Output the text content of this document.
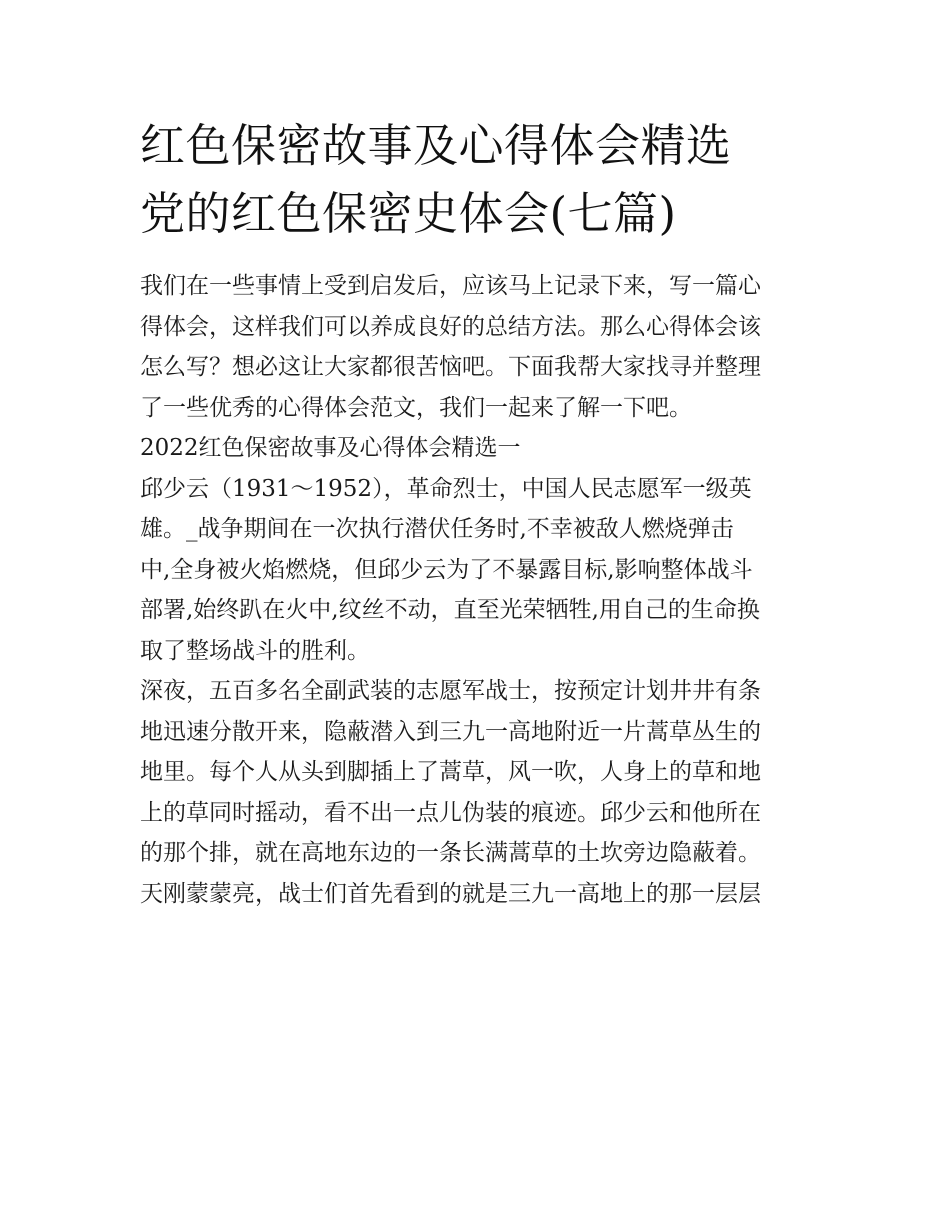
红色保密故事及心得体会精选
党的红色保密史体会(七篇)

我们在一些事情上受到启发后，应该马上记录下来，写一篇心
得体会，这样我们可以养成良好的总结方法。那么心得体会该
怎么写？想必这让大家都很苦恼吧。下面我帮大家找寻并整理
了一些优秀的心得体会范文，我们一起来了解一下吧。

2022红色保密故事及心得体会精选一

邱少云（1931～1952），革命烈士，中国人民志愿军一级英
雄。_战争期间在一次执行潜伏任务时,不幸被敌人燃烧弹击
中,全身被火焰燃烧，但邱少云为了不暴露目标,影响整体战斗
部署,始终趴在火中,纹丝不动，直至光荣牺牲,用自己的生命换
取了整场战斗的胜利。

深夜，五百多名全副武装的志愿军战士，按预定计划井井有条
地迅速分散开来，隐蔽潜入到三九一高地附近一片蒿草丛生的
地里。每个人从头到脚插上了蒿草，风一吹，人身上的草和地
上的草同时摇动，看不出一点儿伪装的痕迹。邱少云和他所在
的那个排，就在高地东边的一条长满蒿草的土坎旁边隐蔽着。
天刚蒙蒙亮，战士们首先看到的就是三九一高地上的那一层层
